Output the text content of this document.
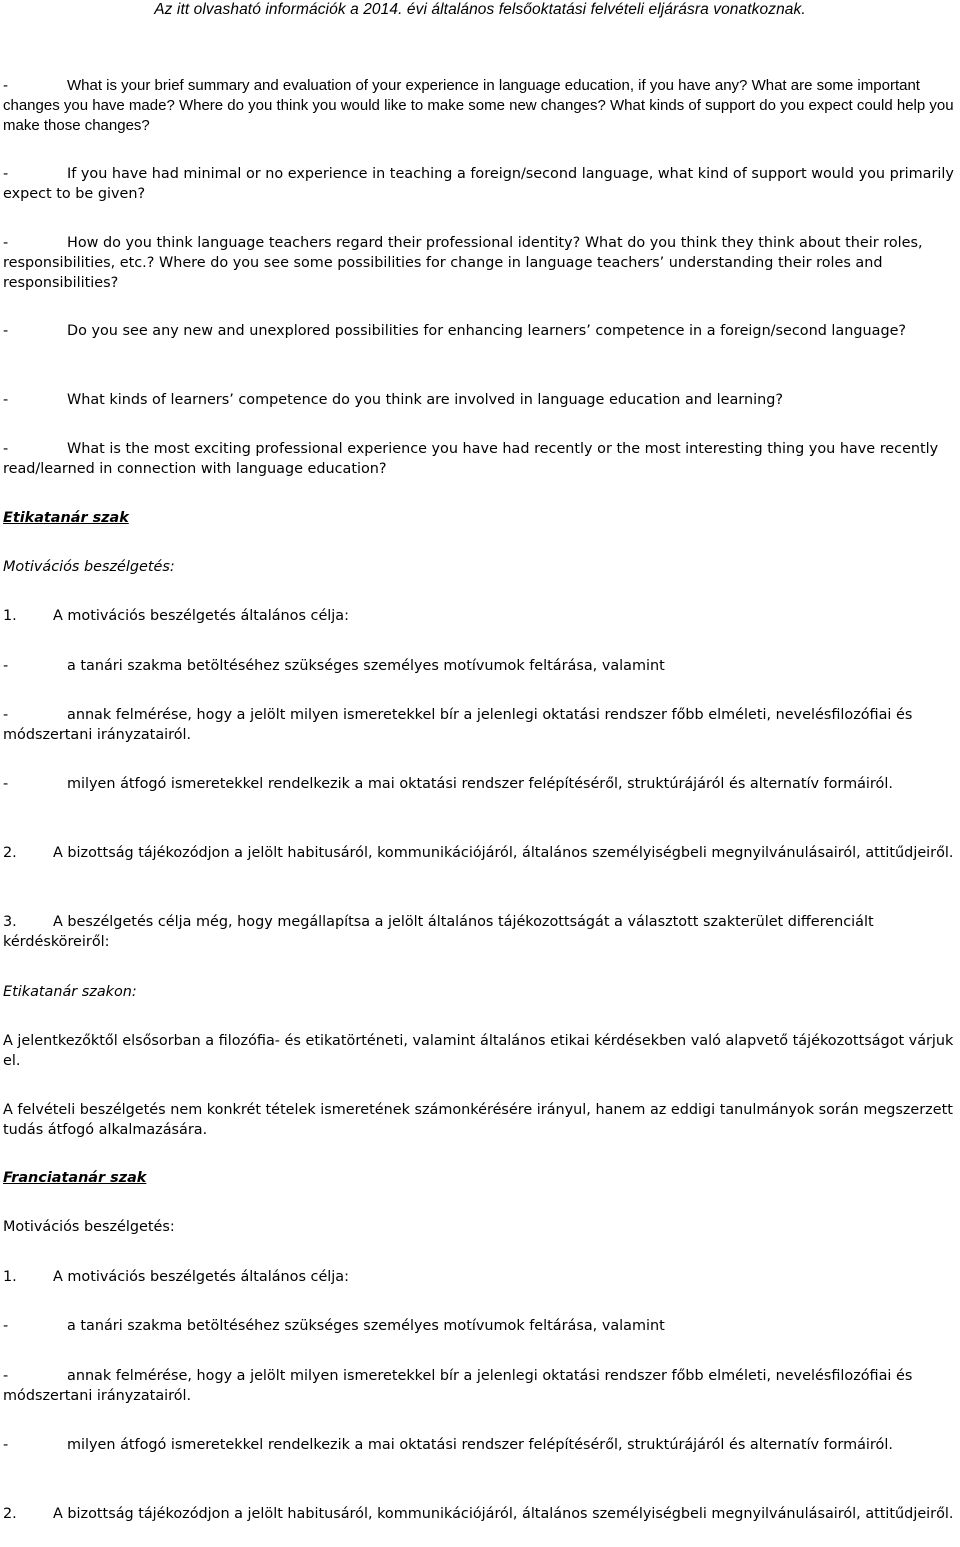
Az itt olvasható információk a 2014. évi általános felsőoktatási felvételi eljárásra vonatkoznak.

-	What is your brief summary and evaluation of your experience in language education, if you have any? What are some important changes you have made? Where do you think you would like to make some new changes? What kinds of support do you expect could help you make those changes?

-	If you have had minimal or no experience in teaching a foreign/second language, what kind of support would you primarily expect to be given?

-	How do you think language teachers regard their professional identity? What do you think they think about their roles, responsibilities, etc.? Where do you see some possibilities for change in language teachers’ understanding their roles and responsibilities?

-	Do you see any new and unexplored possibilities for enhancing learners’ competence in a foreign/second language?

-	What kinds of learners’ competence do you think are involved in language education and learning?

-	What is the most exciting professional experience you have had recently or the most interesting thing you have recently read/learned in connection with language education?

Etikatanár szak

Motivációs beszélgetés:

1.	A motivációs beszélgetés általános célja:

-	a tanári szakma betöltéséhez szükséges személyes motívumok feltárása, valamint

-	annak felmérése, hogy a jelölt milyen ismeretekkel bír a jelenlegi oktatási rendszer főbb elméleti, nevelésfilozófiai és módszertani irányzatairól.

-	milyen átfogó ismeretekkel rendelkezik a mai oktatási rendszer felépítéséről, struktúrájáról és alternatív formáiról.

2.	A bizottság tájékozódjon a jelölt habitusáról, kommunikációjáról, általános személyiségbeli megnyilvánulásairól, attitűdjeiről.

3.	A beszélgetés célja még, hogy megállapítsa a jelölt általános tájékozottságát a választott szakterület differenciált kérdésköreiről:

Etikatanár szakon:

A jelentkezőktől elsősorban a filozófia- és etikatörténeti, valamint általános etikai kérdésekben való alapvető tájékozottságot várjuk el.

A felvételi beszélgetés nem konkrét tételek ismeretének számonkérésére irányul, hanem az eddigi tanulmányok során megszerzett tudás átfogó alkalmazására.

Franciatanár szak

Motivációs beszélgetés:

1.	A motivációs beszélgetés általános célja:

-	a tanári szakma betöltéséhez szükséges személyes motívumok feltárása, valamint

-	annak felmérése, hogy a jelölt milyen ismeretekkel bír a jelenlegi oktatási rendszer főbb elméleti, nevelésfilozófiai és módszertani irányzatairól.

-	milyen átfogó ismeretekkel rendelkezik a mai oktatási rendszer felépítéséről, struktúrájáról és alternatív formáiról.

2.	A bizottság tájékozódjon a jelölt habitusáról, kommunikációjáról, általános személyiségbeli megnyilvánulásairól, attitűdjeiről.
